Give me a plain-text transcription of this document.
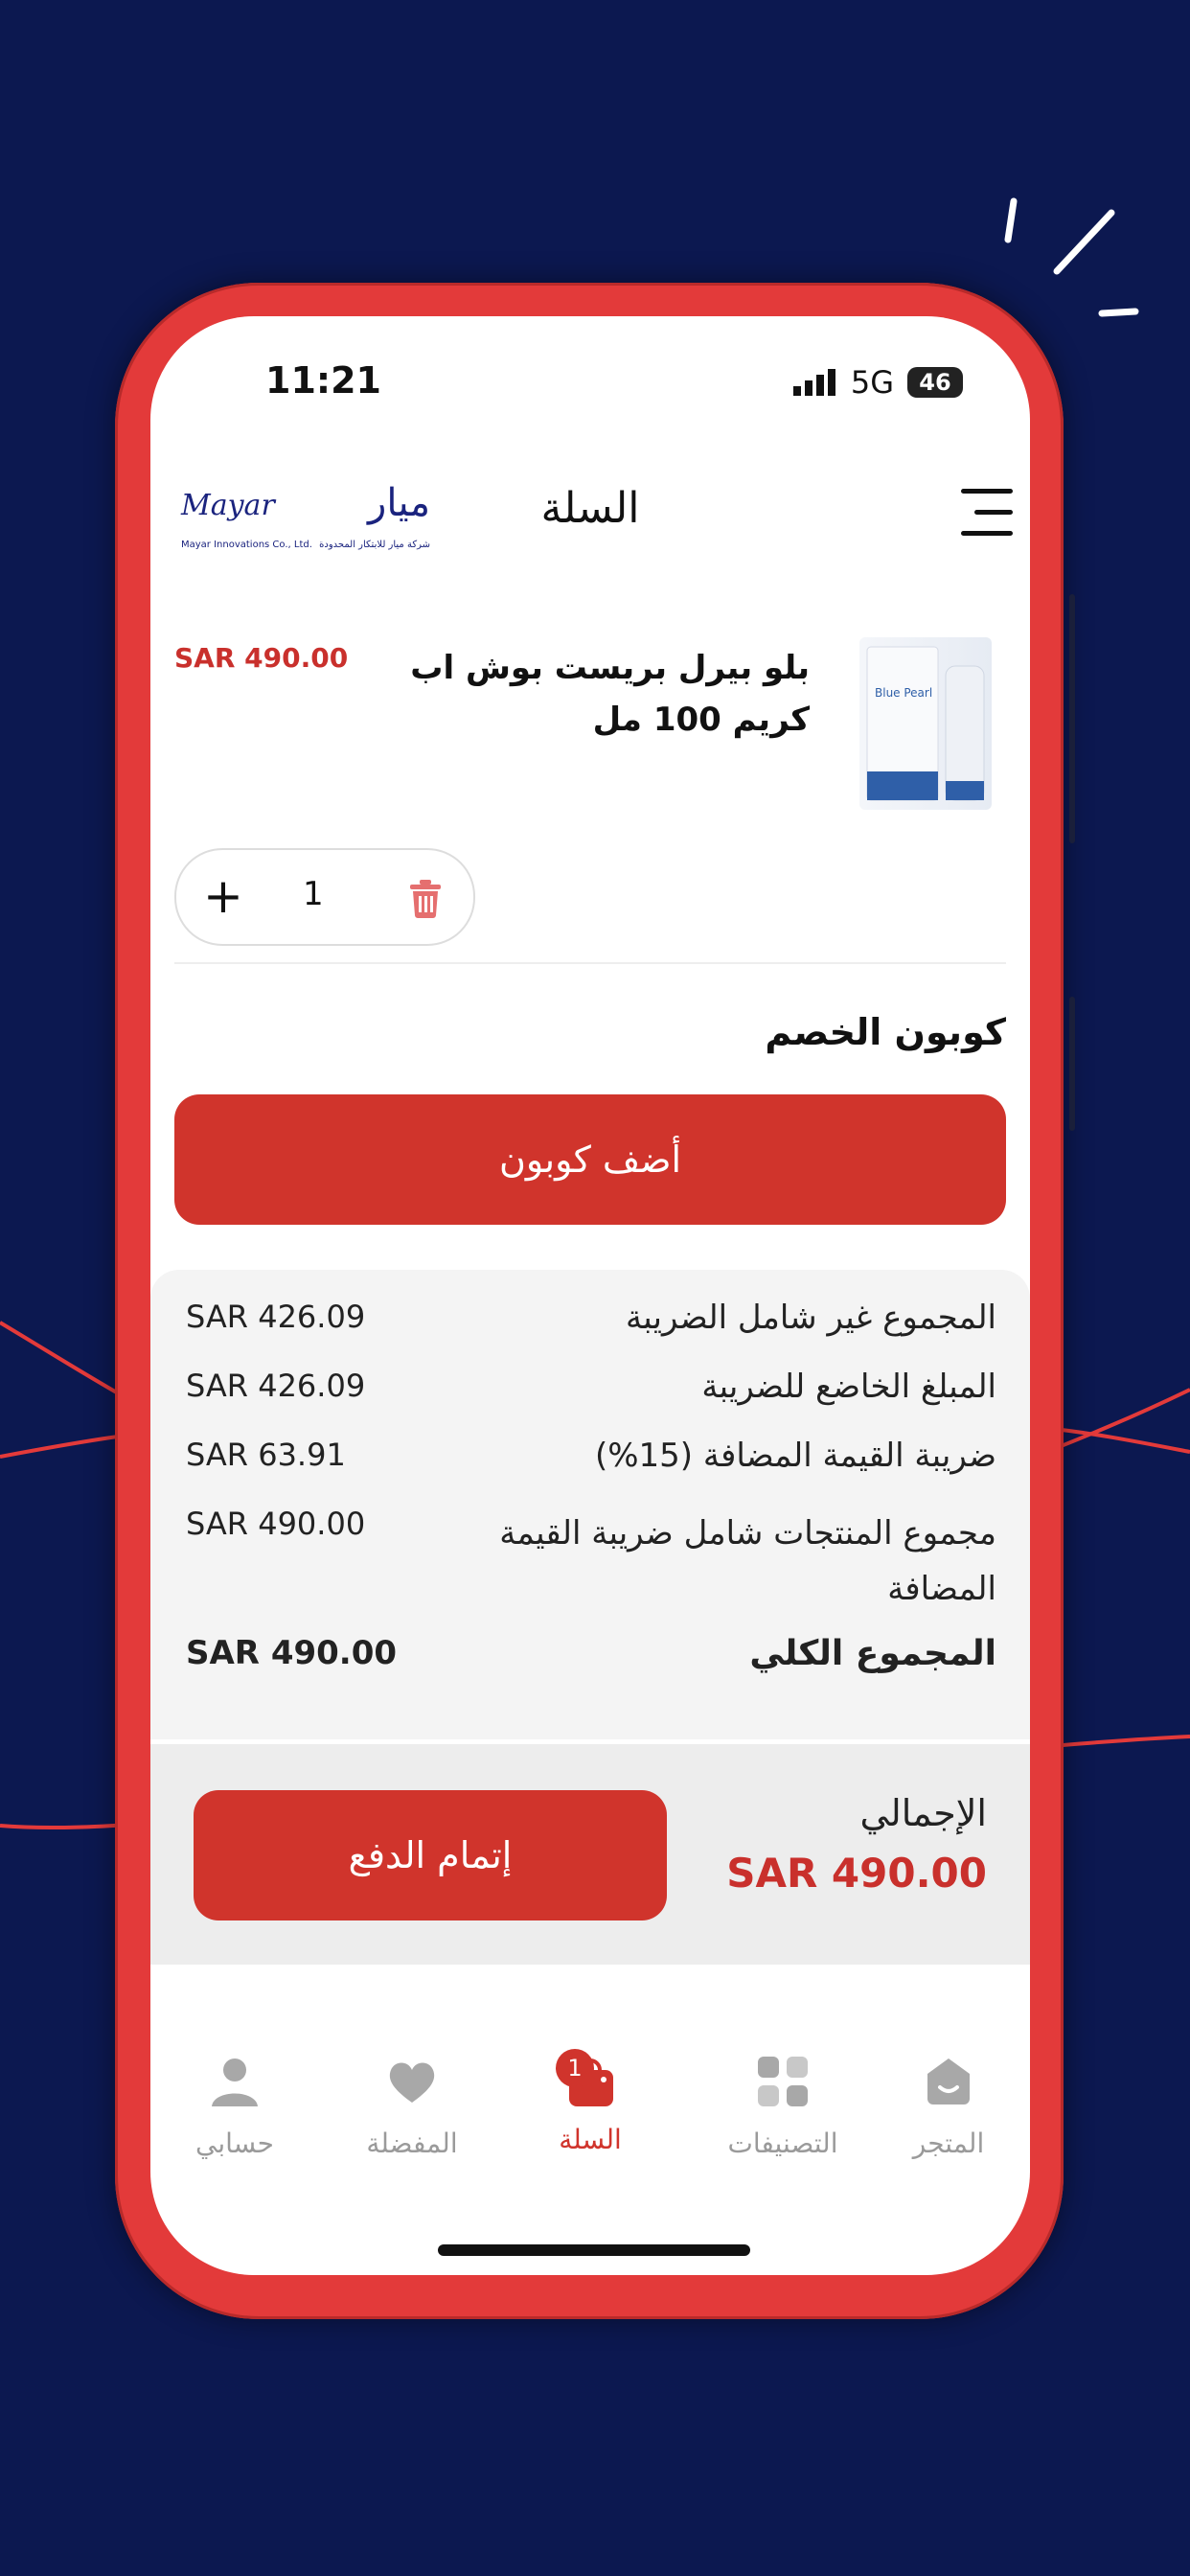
11:21	5G	46
السلة
Mayar ميار
Mayar Innovations Co., Ltd. شركة ميار للابتكار المحدودة
Blue Pearl
بلو بيرل بريست بوش اب كريم 100 مل
SAR 490.00
+ 1
كوبون الخصم
أضف كوبون
المجموع غير شامل الضريبة
SAR 426.09
المبلغ الخاضع للضريبة
SAR 426.09
ضريبة القيمة المضافة (15%)
SAR 63.91
مجموع المنتجات شامل ضريبة القيمة المضافة
SAR 490.00
المجموع الكلي
SAR 490.00
الإجمالي
SAR 490.00
إتمام الدفع
المتجر
التصنيفات
1
السلة
المفضلة
حسابي
